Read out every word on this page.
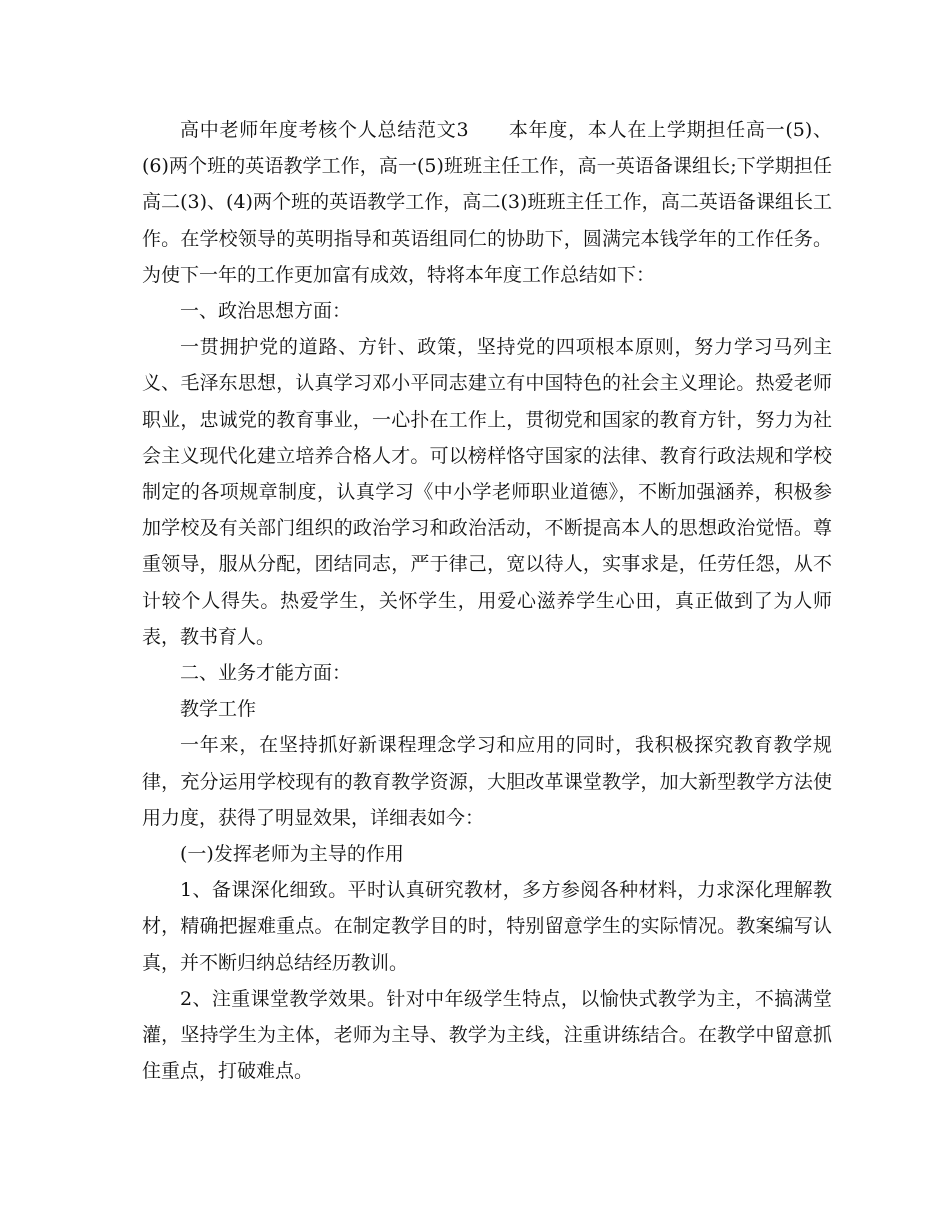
高中老师年度考核个人总结范文3　　本年度，本人在上学期担任高一(5)、(6)两个班的英语教学工作，高一(5)班班主任工作，高一英语备课组长;下学期担任高二(3)、(4)两个班的英语教学工作，高二(3)班班主任工作，高二英语备课组长工作。在学校领导的英明指导和英语组同仁的协助下，圆满完本钱学年的工作任务。为使下一年的工作更加富有成效，特将本年度工作总结如下：

一、政治思想方面：

一贯拥护党的道路、方针、政策，坚持党的四项根本原则，努力学习马列主义、毛泽东思想，认真学习邓小平同志建立有中国特色的社会主义理论。热爱老师职业，忠诚党的教育事业，一心扑在工作上，贯彻党和国家的教育方针，努力为社会主义现代化建立培养合格人才。可以榜样恪守国家的法律、教育行政法规和学校制定的各项规章制度，认真学习《中小学老师职业道德》，不断加强涵养，积极参加学校及有关部门组织的政治学习和政治活动，不断提高本人的思想政治觉悟。尊重领导，服从分配，团结同志，严于律己，宽以待人，实事求是，任劳任怨，从不计较个人得失。热爱学生，关怀学生，用爱心滋养学生心田，真正做到了为人师表，教书育人。

二、业务才能方面：

教学工作

一年来，在坚持抓好新课程理念学习和应用的同时，我积极探究教育教学规律，充分运用学校现有的教育教学资源，大胆改革课堂教学，加大新型教学方法使用力度，获得了明显效果，详细表如今：

(一)发挥老师为主导的作用

1、备课深化细致。平时认真研究教材，多方参阅各种材料，力求深化理解教材，精确把握难重点。在制定教学目的时，特别留意学生的实际情况。教案编写认真，并不断归纳总结经历教训。

2、注重课堂教学效果。针对中年级学生特点，以愉快式教学为主，不搞满堂灌，坚持学生为主体，老师为主导、教学为主线，注重讲练结合。在教学中留意抓住重点，打破难点。
